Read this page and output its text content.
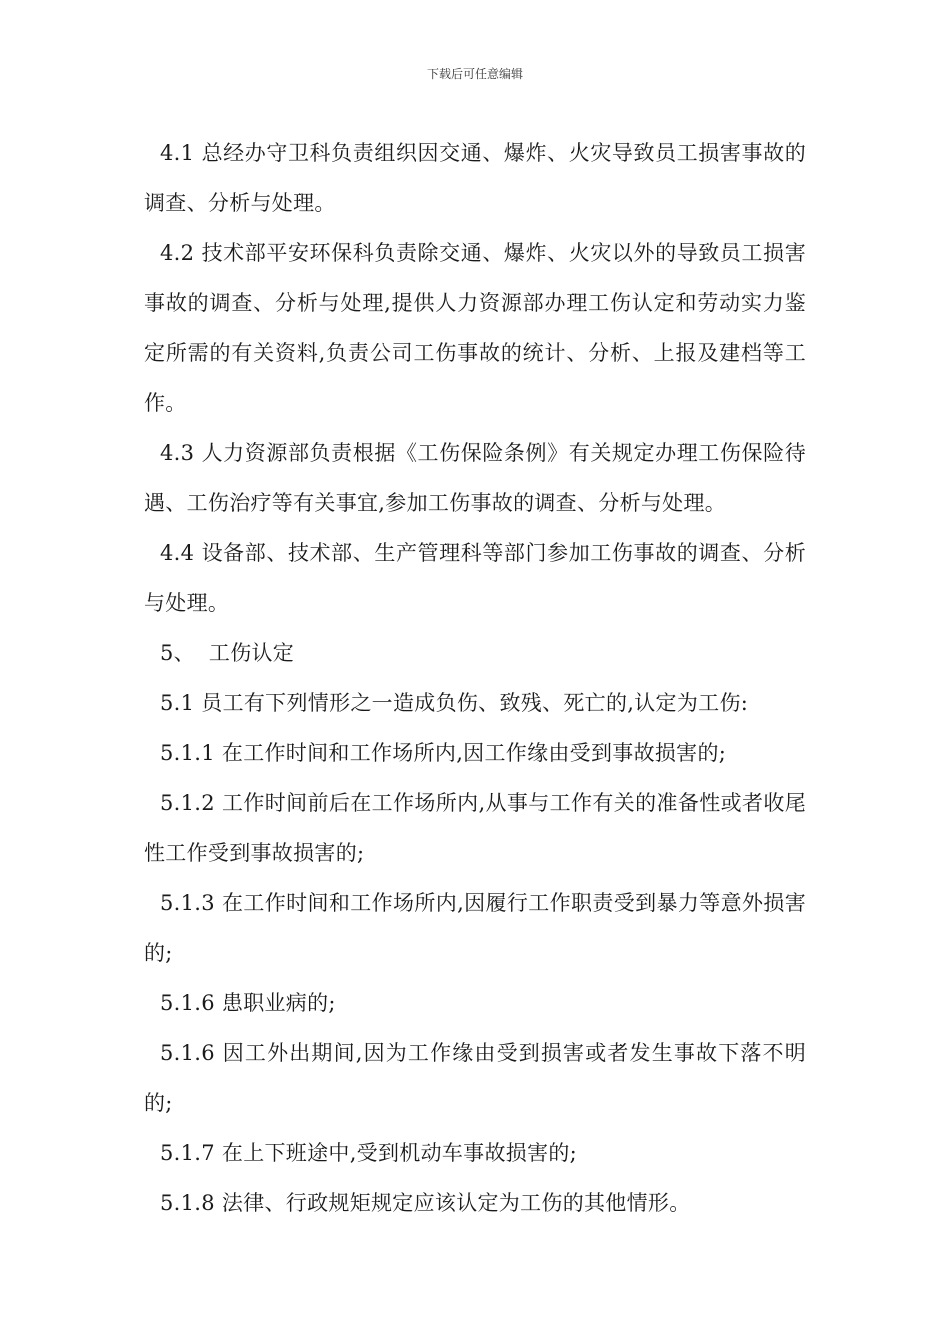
下载后可任意编辑

4.1 总经办守卫科负责组织因交通、爆炸、火灾导致员工损害事故的调查、分析与处理。

4.2 技术部平安环保科负责除交通、爆炸、火灾以外的导致员工损害事故的调查、分析与处理,提供人力资源部办理工伤认定和劳动实力鉴定所需的有关资料,负责公司工伤事故的统计、分析、上报及建档等工作。

4.3 人力资源部负责根据《工伤保险条例》有关规定办理工伤保险待遇、工伤治疗等有关事宜,参加工伤事故的调查、分析与处理。

4.4 设备部、技术部、生产管理科等部门参加工伤事故的调查、分析与处理。

5、  工伤认定

5.1 员工有下列情形之一造成负伤、致残、死亡的,认定为工伤:

5.1.1 在工作时间和工作场所内,因工作缘由受到事故损害的;

5.1.2 工作时间前后在工作场所内,从事与工作有关的准备性或者收尾性工作受到事故损害的;

5.1.3 在工作时间和工作场所内,因履行工作职责受到暴力等意外损害的;

5.1.6 患职业病的;

5.1.6 因工外出期间,因为工作缘由受到损害或者发生事故下落不明的;

5.1.7 在上下班途中,受到机动车事故损害的;

5.1.8 法律、行政规矩规定应该认定为工伤的其他情形。
